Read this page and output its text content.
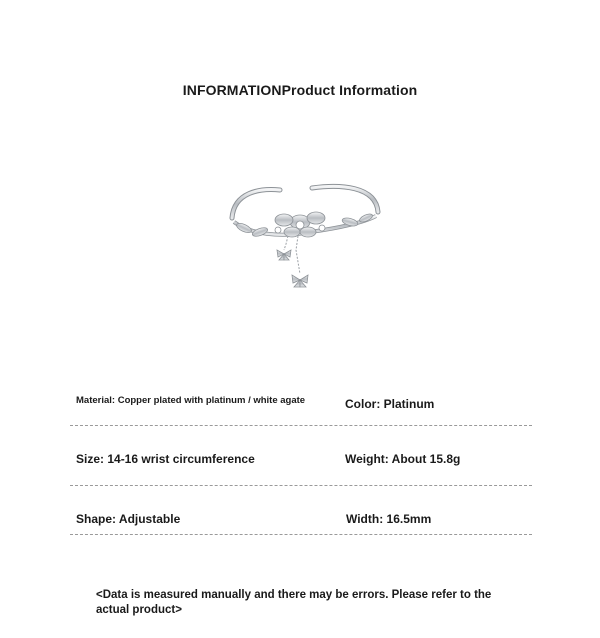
INFORMATIONProduct Information
Material: Copper plated with platinum / white agate	Color: Platinum
Size: 14-16 wrist circumference	Weight: About 15.8g
Shape: Adjustable	Width: 16.5mm
<Data is measured manually and there may be errors. Please refer to the actual product>
